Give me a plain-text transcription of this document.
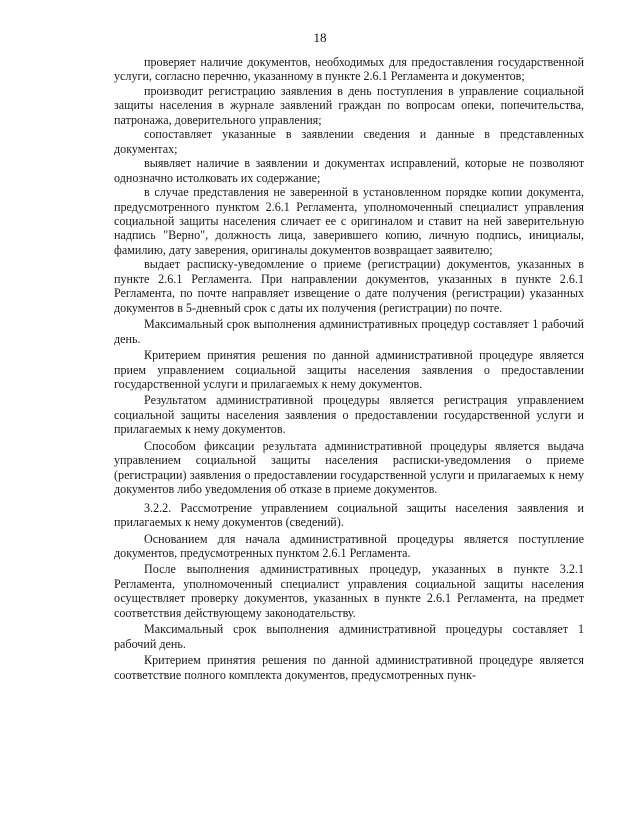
18

проверяет наличие документов, необходимых для предоставления государственной услуги, согласно перечню, указанному в пункте 2.6.1 Регламента и документов;

производит регистрацию заявления в день поступления в управление социальной защиты населения в журнале заявлений граждан по вопросам опеки, попечительства, патронажа, доверительного управления;

сопоставляет указанные в заявлении сведения и данные в представленных документах;

выявляет наличие в заявлении и документах исправлений, которые не позволяют однозначно истолковать их содержание;

в случае представления не заверенной в установленном порядке копии документа, предусмотренного пунктом 2.6.1 Регламента, уполномоченный специалист управления социальной защиты населения сличает ее с оригиналом и ставит на ней заверительную надпись "Верно", должность лица, заверившего копию, личную подпись, инициалы, фамилию, дату заверения, оригиналы документов возвращает заявителю;

выдает расписку-уведомление о приеме (регистрации) документов, указанных в пункте 2.6.1 Регламента. При направлении документов, указанных в пункте 2.6.1 Регламента, по почте направляет извещение о дате получения (регистрации) указанных документов в 5-дневный срок с даты их получения (регистрации) по почте.

Максимальный срок выполнения административных процедур составляет 1 рабочий день.

Критерием принятия решения по данной административной процедуре является прием управлением социальной защиты населения заявления о предоставлении государственной услуги и прилагаемых к нему документов.

Результатом административной процедуры является регистрация управлением социальной защиты населения заявления о предоставлении государственной услуги и прилагаемых к нему документов.

Способом фиксации результата административной процедуры является выдача управлением социальной защиты населения расписки-уведомления о приеме (регистрации) заявления о предоставлении государственной услуги и прилагаемых к нему документов либо уведомления об отказе в приеме документов.

3.2.2. Рассмотрение управлением социальной защиты населения заявления и прилагаемых к нему документов (сведений).

Основанием для начала административной процедуры является поступление документов, предусмотренных пунктом 2.6.1 Регламента.

После выполнения административных процедур, указанных в пункте 3.2.1 Регламента, уполномоченный специалист управления социальной защиты населения осуществляет проверку документов, указанных в пункте 2.6.1 Регламента, на предмет соответствия действующему законодательству.

Максимальный срок выполнения административной процедуры составляет 1 рабочий день.

Критерием принятия решения по данной административной процедуре является соответствие полного комплекта документов, предусмотренных пунк-
